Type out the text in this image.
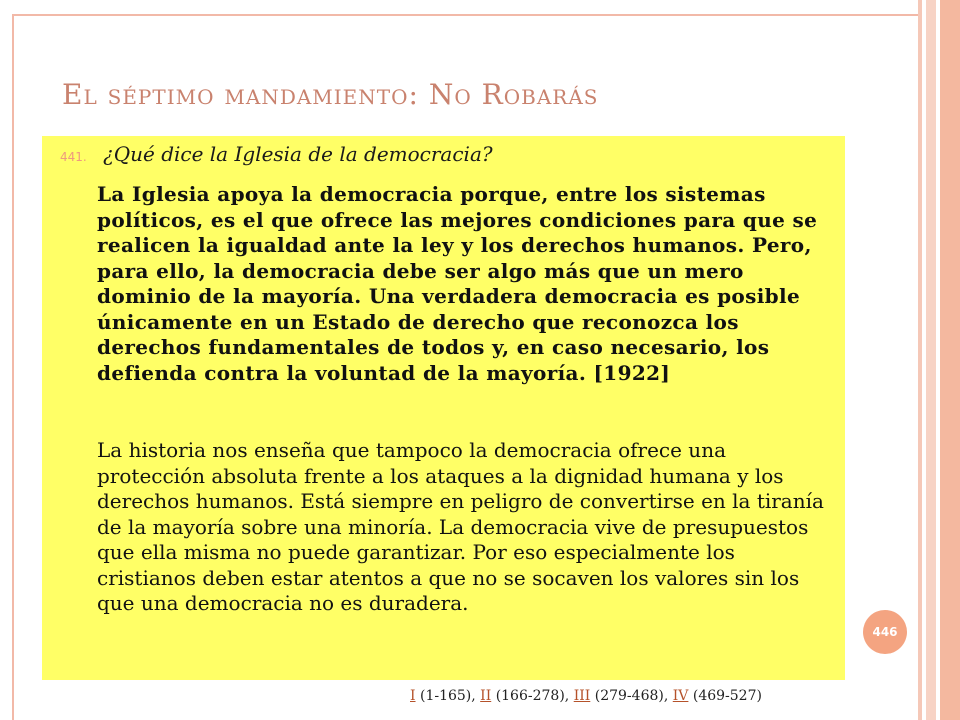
El séptimo mandamiento: No Robarás
441. ¿Qué dice la Iglesia de la democracia?

La Iglesia apoya la democracia porque, entre los sistemas políticos, es el que ofrece las mejores condiciones para que se realicen la igualdad ante la ley y los derechos humanos. Pero, para ello, la democracia debe ser algo más que un mero dominio de la mayoría. Una verdadera democracia es posible únicamente en un Estado de derecho que reconozca los derechos fundamentales de todos y, en caso necesario, los defienda contra la voluntad de la mayoría. [1922]

La historia nos enseña que tampoco la democracia ofrece una protección absoluta frente a los ataques a la dignidad humana y los derechos humanos. Está siempre en peligro de convertirse en la tiranía de la mayoría sobre una minoría. La democracia vive de presupuestos que ella misma no puede garantizar. Por eso especialmente los cristianos deben estar atentos a que no se socaven los valores sin los que una democracia no es duradera.

446
I (1-165), II (166-278), III (279-468), IV (469-527)
